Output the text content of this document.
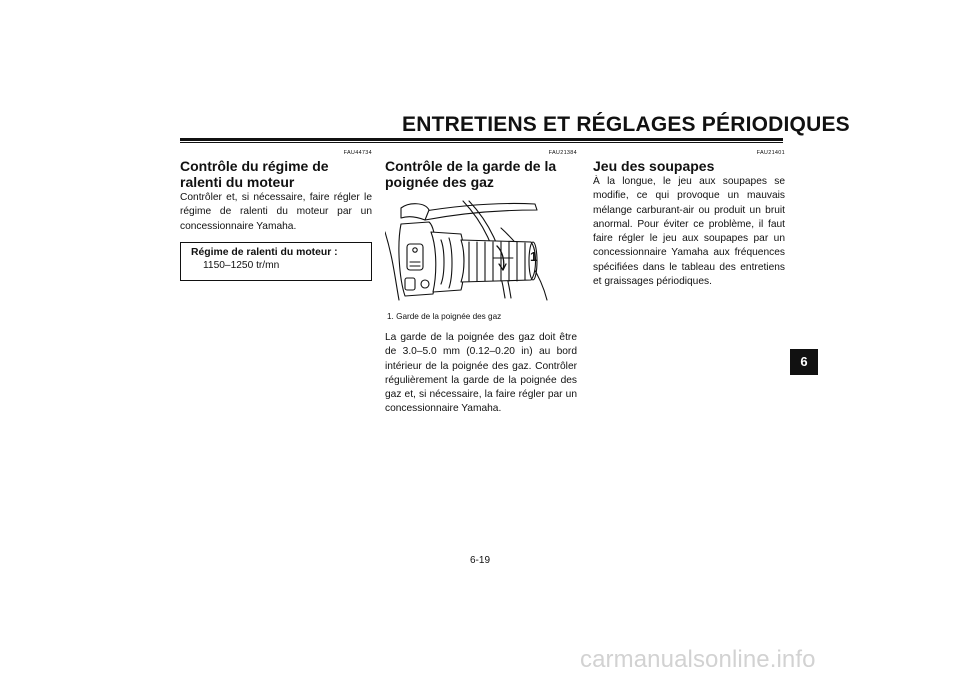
ENTRETIENS ET RÉGLAGES PÉRIODIQUES
FAU44734
Contrôle du régime de ralenti du moteur
Contrôler et, si nécessaire, faire régler le régime de ralenti du moteur par un concessionnaire Yamaha.
Régime de ralenti du moteur :
1150–1250 tr/mn
FAU21384
Contrôle de la garde de la poignée des gaz
1
1. Garde de la poignée des gaz
La garde de la poignée des gaz doit être de 3.0–5.0 mm (0.12–0.20 in) au bord intérieur de la poignée des gaz. Contrôler régulièrement la garde de la poignée des gaz et, si nécessaire, la faire régler par un concessionnaire Yamaha.
FAU21401
Jeu des soupapes
À la longue, le jeu aux soupapes se modifie, ce qui provoque un mauvais mélange carburant-air ou produit un bruit anormal. Pour éviter ce problème, il faut faire régler le jeu aux soupapes par un concessionnaire Yamaha aux fréquences spécifiées dans le tableau des entretiens et graissages périodiques.
6
6-19
carmanualsonline.info
